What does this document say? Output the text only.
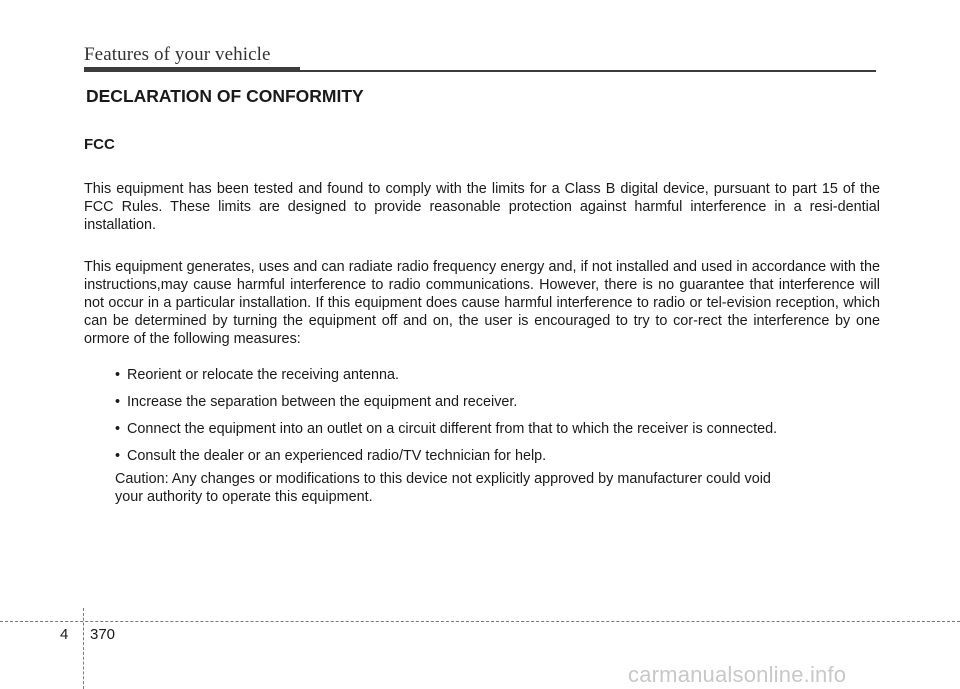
Features of your vehicle
DECLARATION OF CONFORMITY
FCC

This equipment has been tested and found to comply with the limits for a Class B digital device, pursuant to part 15 of the FCC Rules. These limits are designed to provide reasonable protection against harmful interference in a resi-dential installation.

This equipment generates, uses and can radiate radio frequency energy and, if not installed and used in accordance with the instructions,may cause harmful interference to radio communications. However, there is no guarantee that interference will not occur in a particular installation. If this equipment does cause harmful interference to radio or tel-evision reception, which can be determined by turning the equipment off and on, the user is encouraged to try to cor-rect the interference by one ormore of the following measures:

• Reorient or relocate the receiving antenna.
• Increase the separation between the equipment and receiver.
• Connect the equipment into an outlet on a circuit different from that to which the receiver is connected.
• Consult the dealer or an experienced radio/TV technician for help.

Caution: Any changes or modifications to this device not explicitly approved by manufacturer could void
your authority to operate this equipment.

4 370
carmanualsonline.info
